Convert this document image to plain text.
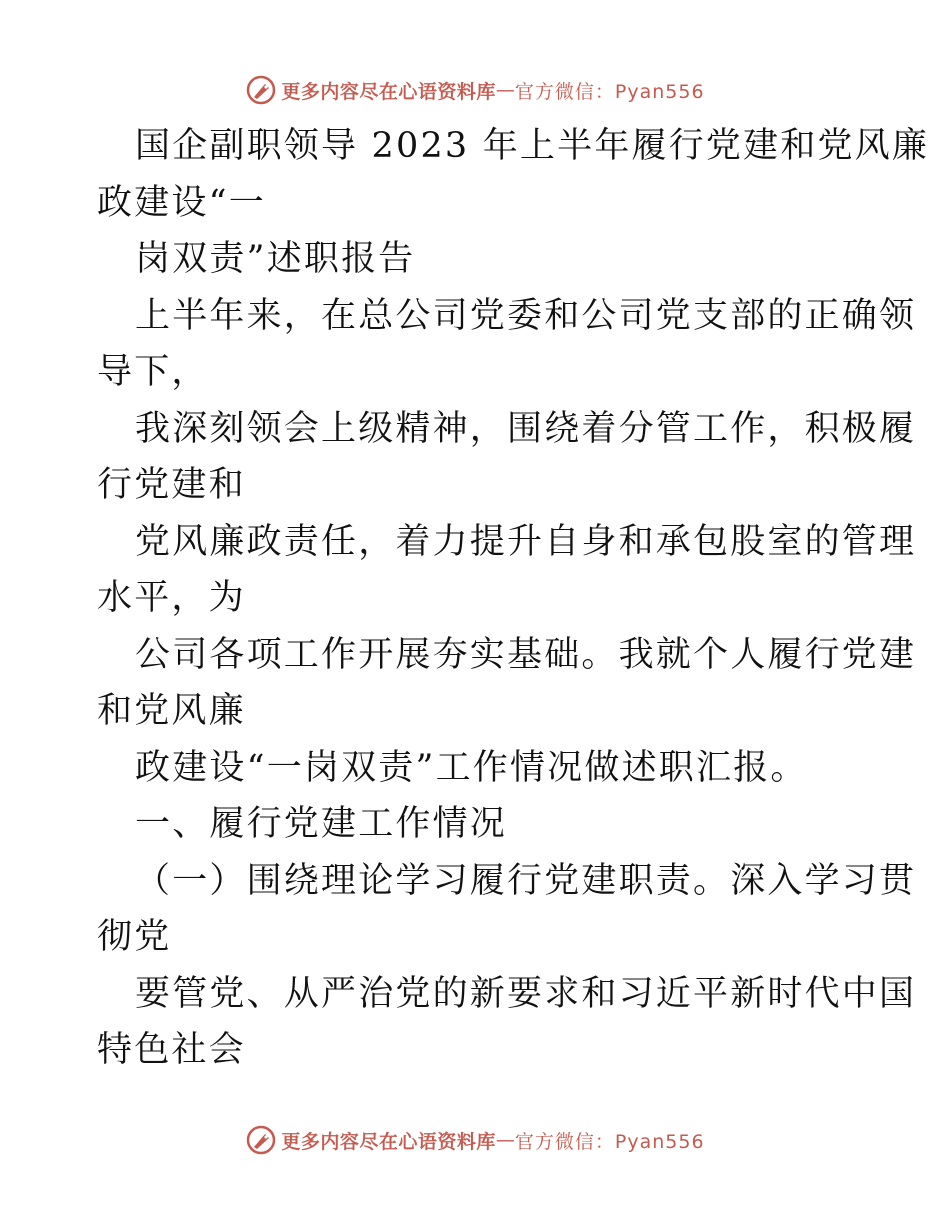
更多内容尽在心语资料库 — 官方微信：Pyan556
国企副职领导 2023 年上半年履行党建和党风廉
政建设“一
岗双责”述职报告
上半年来，在总公司党委和公司党支部的正确领
导下，
我深刻领会上级精神，围绕着分管工作，积极履
行党建和
党风廉政责任，着力提升自身和承包股室的管理
水平，为
公司各项工作开展夯实基础。我就个人履行党建
和党风廉
政建设“一岗双责”工作情况做述职汇报。
一、履行党建工作情况
（一）围绕理论学习履行党建职责。深入学习贯
彻党
要管党、从严治党的新要求和习近平新时代中国
特色社会
更多内容尽在心语资料库 — 官方微信：Pyan556
